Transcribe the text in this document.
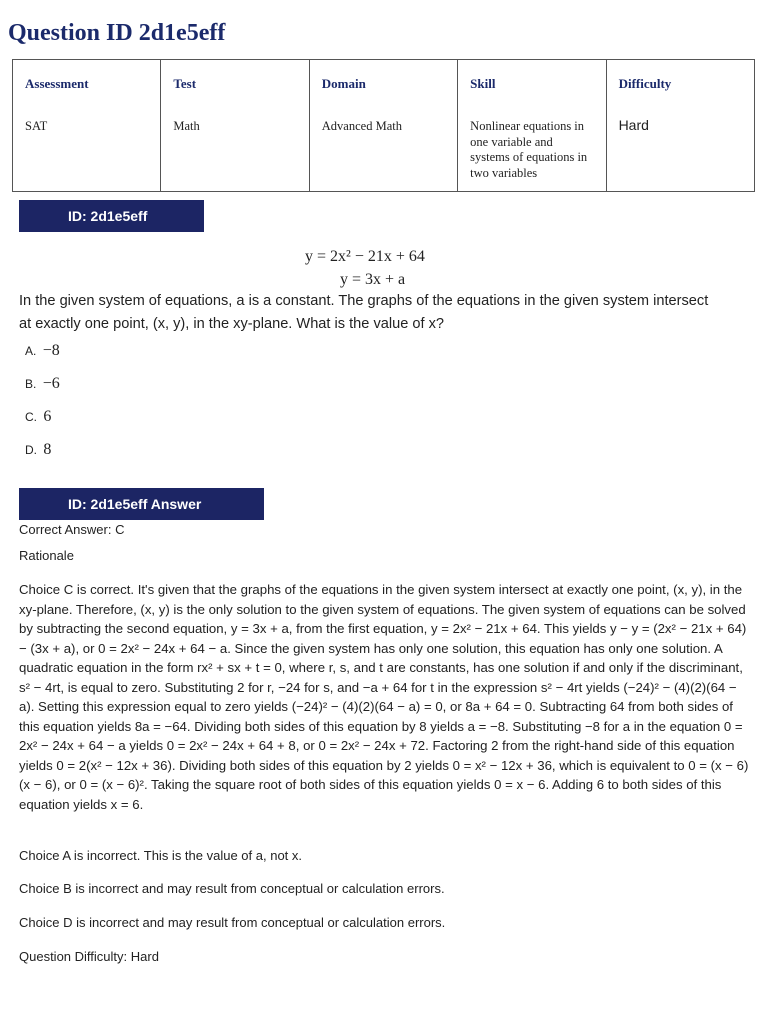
Question ID 2d1e5eff
Assessment
SAT

Test
Math

Domain
Advanced Math

Skill
Nonlinear equations in one variable and systems of equations in two variables

Difficulty
Hard
ID: 2d1e5eff
y = 2x² − 21x + 64
y = 3x + a

In the given system of equations, a is a constant. The graphs of the equations in the given system intersect at exactly one point, (x, y), in the xy-plane. What is the value of x?

A. −8
B. −6
C. 6
D. 8
ID: 2d1e5eff Answer

Correct Answer: C

Rationale

Choice C is correct. It's given that the graphs of the equations in the given system intersect at exactly one point, (x, y), in the xy-plane. Therefore, (x, y) is the only solution to the given system of equations. The given system of equations can be solved by subtracting the second equation, y = 3x + a, from the first equation, y = 2x² − 21x + 64. This yields y − y = (2x² − 21x + 64) − (3x + a), or 0 = 2x² − 24x + 64 − a. Since the given system has only one solution, this equation has only one solution. A quadratic equation in the form rx² + sx + t = 0, where r, s, and t are constants, has one solution if and only if the discriminant, s² − 4rt, is equal to zero. Substituting 2 for r, −24 for s, and −a + 64 for t in the expression s² − 4rt yields (−24)² − (4)(2)(64 − a). Setting this expression equal to zero yields (−24)² − (4)(2)(64 − a) = 0, or 8a + 64 = 0. Subtracting 64 from both sides of this equation yields 8a = −64. Dividing both sides of this equation by 8 yields a = −8. Substituting −8 for a in the equation 0 = 2x² − 24x + 64 − a yields 0 = 2x² − 24x + 64 + 8, or 0 = 2x² − 24x + 72. Factoring 2 from the right-hand side of this equation yields 0 = 2(x² − 12x + 36). Dividing both sides of this equation by 2 yields 0 = x² − 12x + 36, which is equivalent to 0 = (x − 6)(x − 6), or 0 = (x − 6)². Taking the square root of both sides of this equation yields 0 = x − 6. Adding 6 to both sides of this equation yields x = 6.

Choice A is incorrect. This is the value of a, not x.

Choice B is incorrect and may result from conceptual or calculation errors.

Choice D is incorrect and may result from conceptual or calculation errors.

Question Difficulty: Hard
